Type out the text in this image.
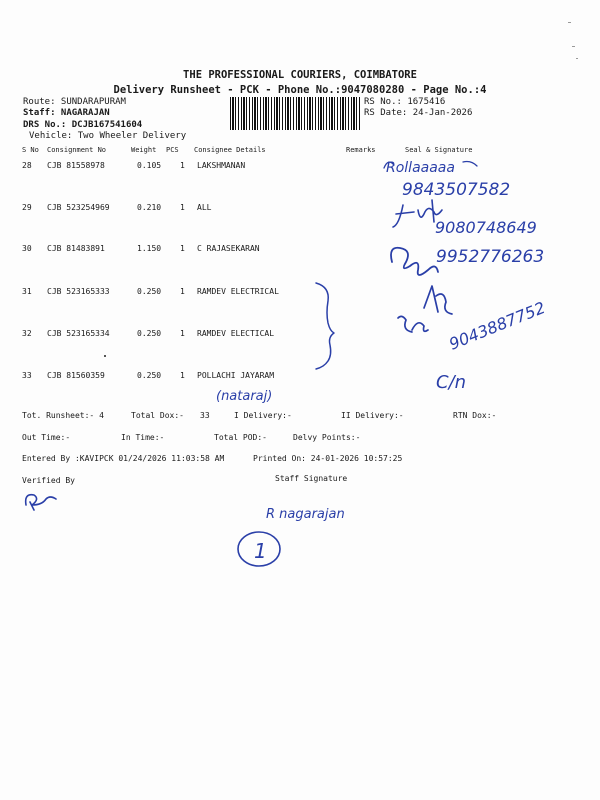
THE PROFESSIONAL COURIERS, COIMBATORE
Delivery Runsheet - PCK - Phone No.:9047080280 - Page No.:4
Route: SUNDARAPURAM
Staff: NAGARAJAN
DRS No.: DCJB167541604
Vehicle: Two Wheeler Delivery
RS No.: 1675416
RS Date: 24-Jan-2026
S No Consignment No	Weight PCS Consignee Details	Remarks	Seal & Signature
28 CJB 81558978	0.105 1 LAKSHMANAN
29 CJB 523254969	0.210 1 ALL
30 CJB 81483891	1.150 1 C RAJASEKARAN
31 CJB 523165333	0.250 1 RAMDEV ELECTRICAL
32 CJB 523165334	0.250 1 RAMDEV ELECTICAL
33 CJB 81560359	0.250 1 POLLACHI JAYARAM
Tot. Runsheet:- 4	Total Dox:- 33	I Delivery:-	II Delivery:-	RTN Dox:-
Out Time:-	In Time:-	Total POD:-	Delvy Points:-
Entered By :KAVIPCK 01/24/2026 11:03:58 AM	Printed On: 24-01-2026 10:57:25
Verified By	Staff Signature
Rollaaaaa
9843507582
9080748649
9952776263
9043887752
(nataraj)
C/n
R nagarajan
1
